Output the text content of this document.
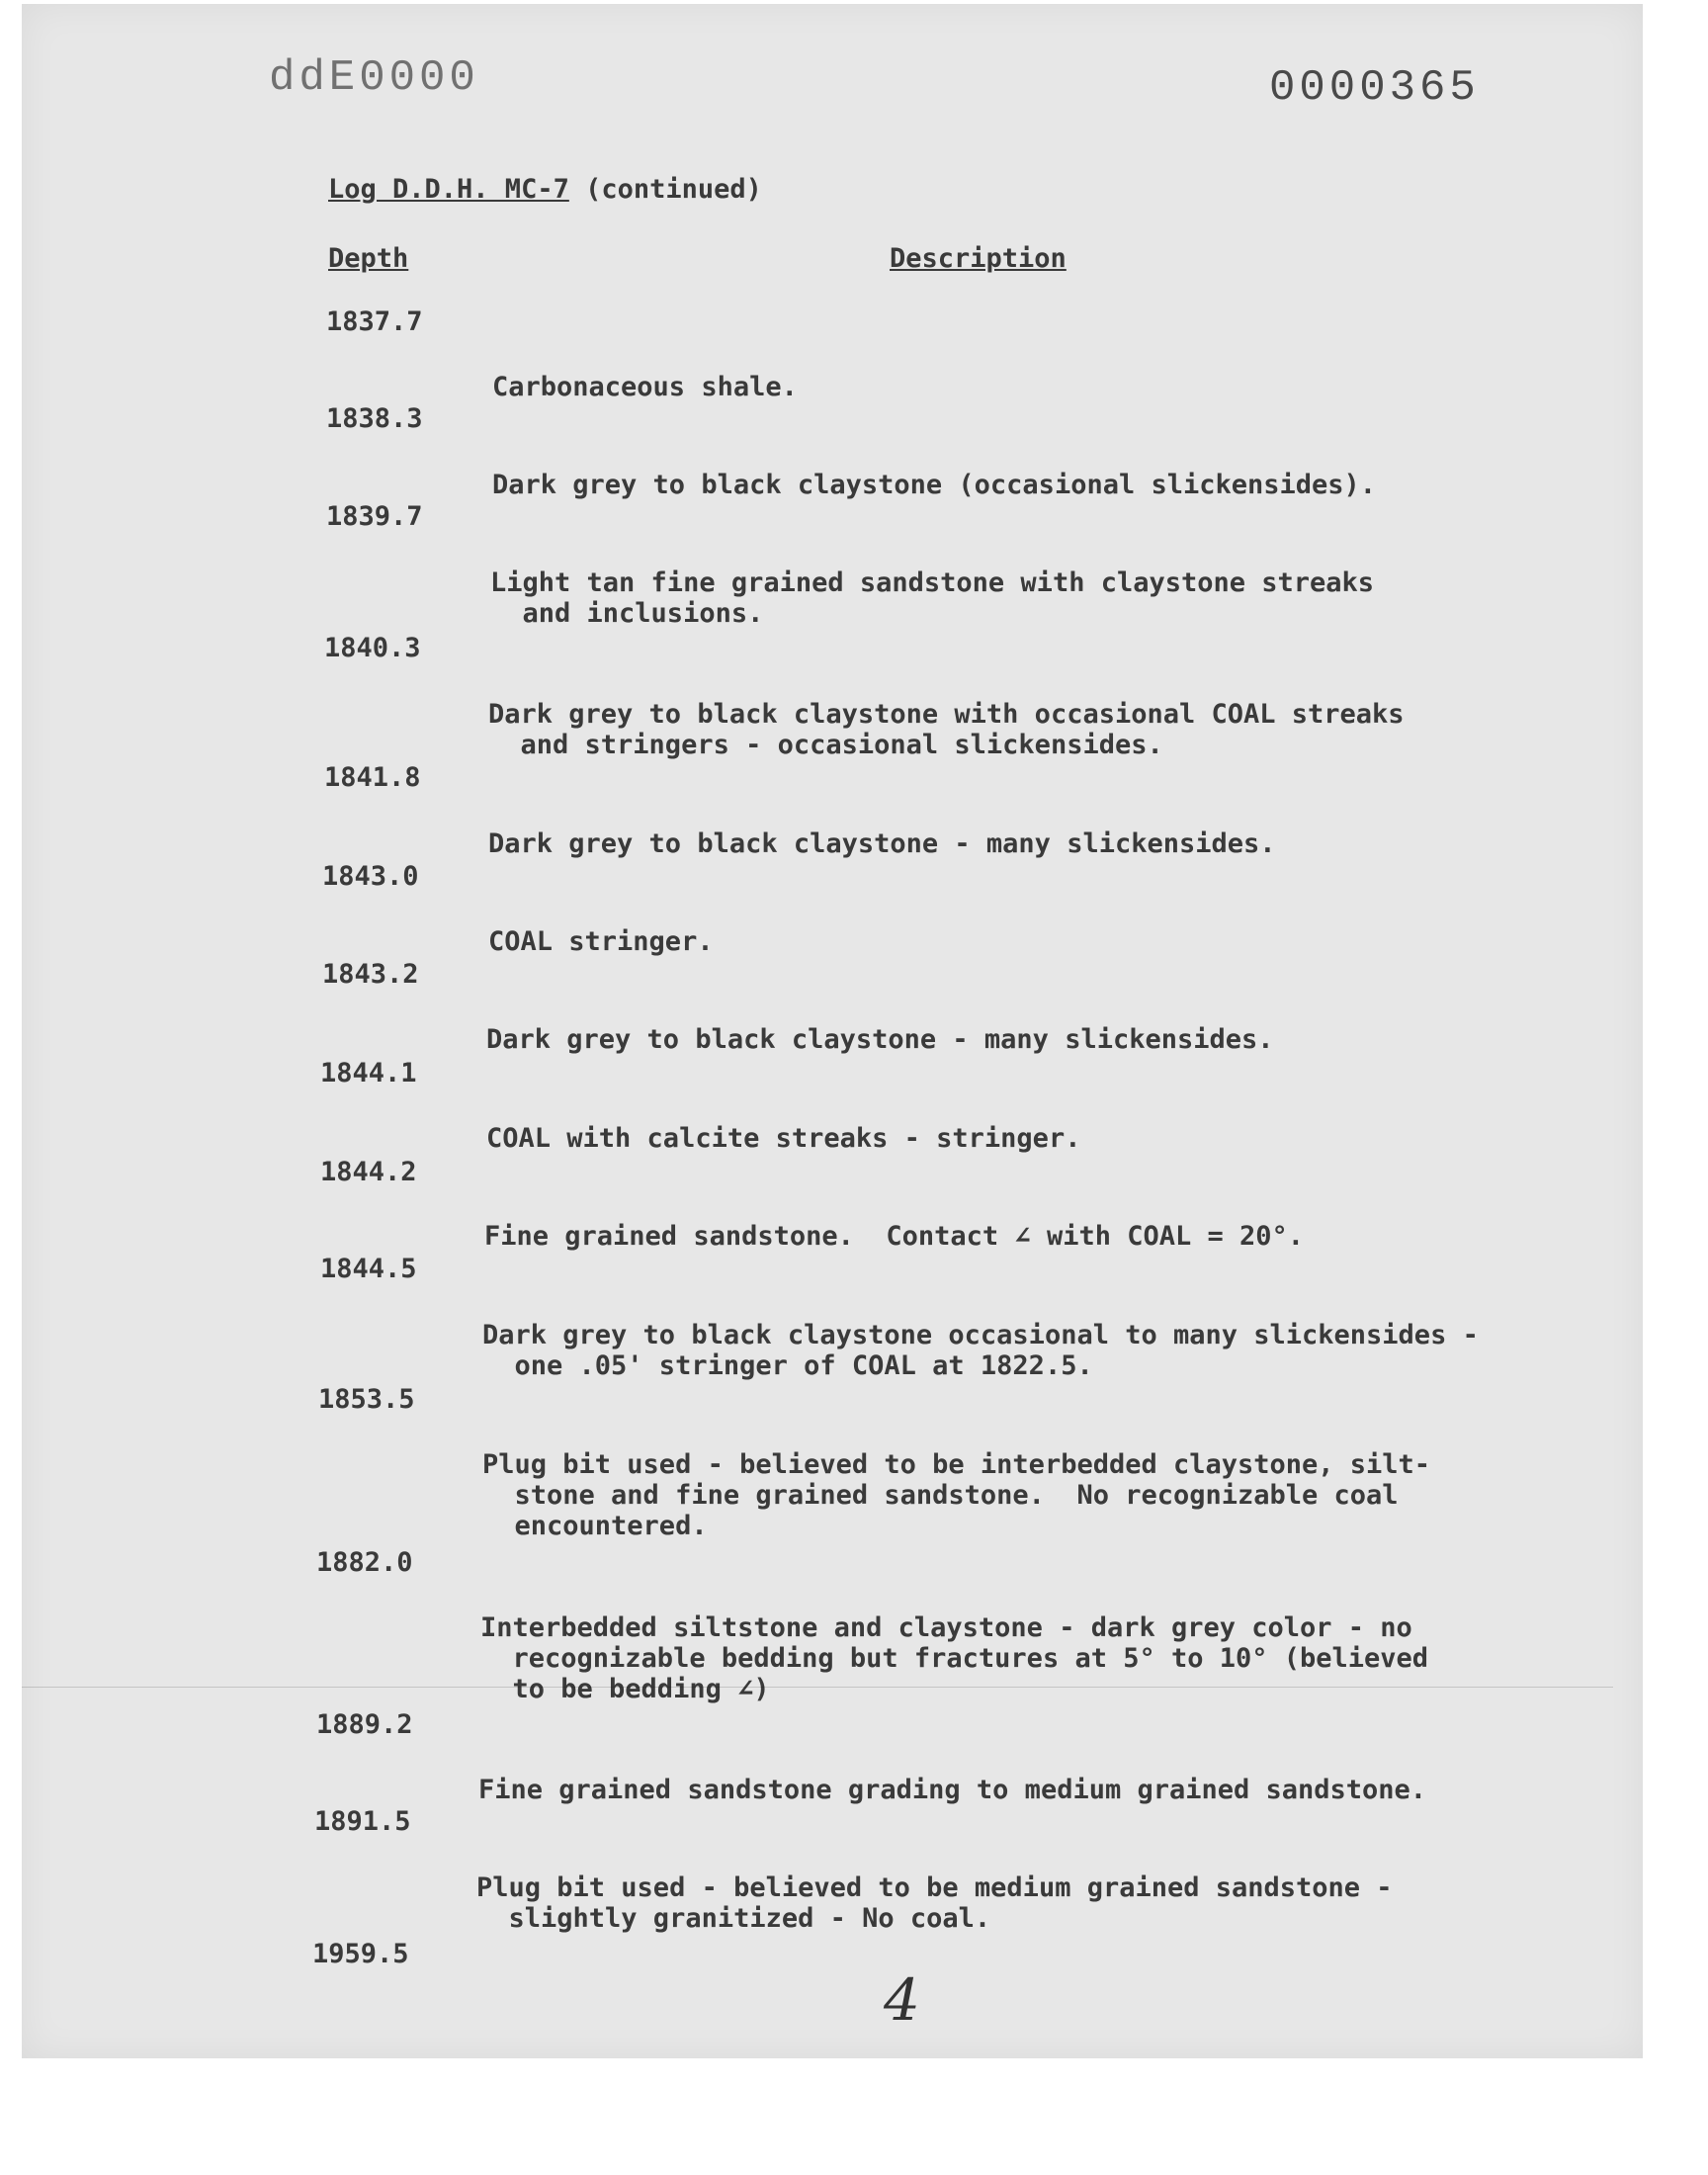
ddE0000	0000365
Log D.D.H. MC-7 (continued)
Depth	Description
1837.7
1838.3
1839.7
1840.3
1841.8
1843.0
1843.2
1844.1
1844.2
1844.5
1853.5
1882.0
1889.2
1891.5
1959.5
Carbonaceous shale.
Dark grey to black claystone (occasional slickensides).
Light tan fine grained sandstone with claystone streaks
and inclusions.
Dark grey to black claystone with occasional COAL streaks
and stringers - occasional slickensides.
Dark grey to black claystone - many slickensides.
COAL stringer.
Dark grey to black claystone - many slickensides.
COAL with calcite streaks - stringer.
Fine grained sandstone.  Contact ∠ with COAL = 20°.
Dark grey to black claystone occasional to many slickensides -
one .05' stringer of COAL at 1822.5.
Plug bit used - believed to be interbedded claystone, silt-
stone and fine grained sandstone.  No recognizable coal
encountered.
Interbedded siltstone and claystone - dark grey color - no
recognizable bedding but fractures at 5° to 10° (believed
to be bedding ∠)
Fine grained sandstone grading to medium grained sandstone.
Plug bit used - believed to be medium grained sandstone -
slightly granitized - No coal.
4
